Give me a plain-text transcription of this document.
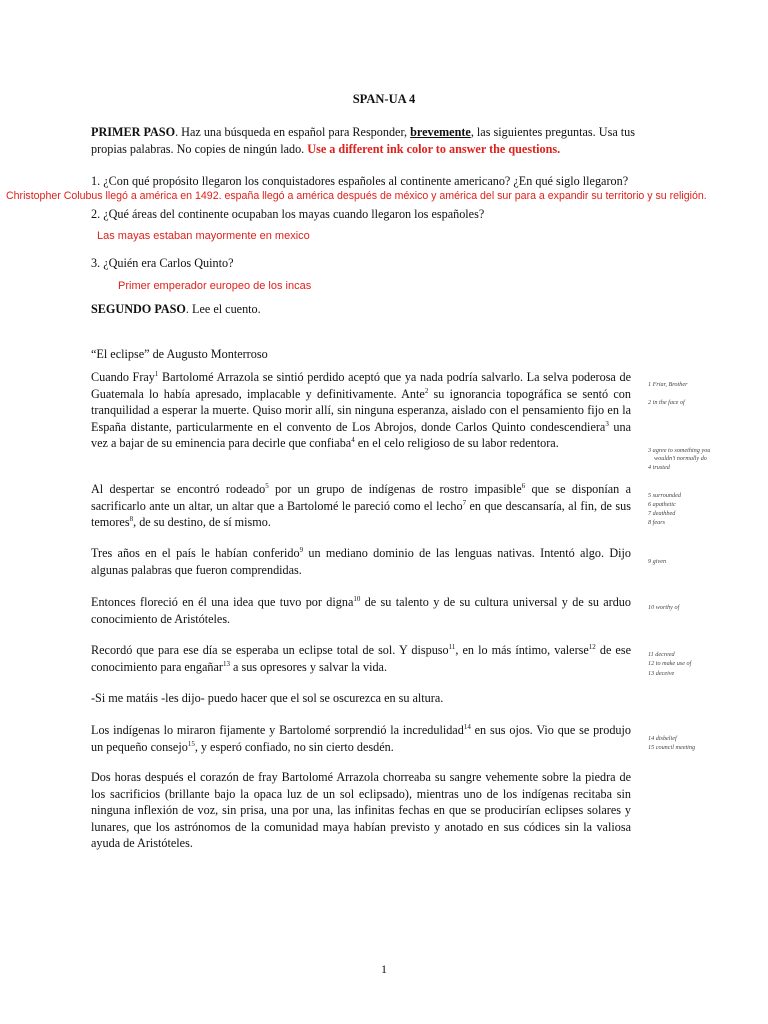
SPAN-UA 4
PRIMER PASO. Haz una búsqueda en español para Responder, brevemente, las siguientes preguntas. Usa tus propias palabras. No copies de ningún lado. Use a different ink color to answer the questions.
1. ¿Con qué propósito llegaron los conquistadores españoles al continente americano? ¿En qué siglo llegaron?
Christopher Colubus llegó a américa en 1492. españa llegó a américa después de méxico y américa del sur para a expandir su territorio y su religión.
2. ¿Qué áreas del continente ocupaban los mayas cuando llegaron los españoles?
Las mayas estaban mayormente en mexico
3. ¿Quién era Carlos Quinto?
Primer emperador europeo de los incas
SEGUNDO PASO. Lee el cuento.
“El eclipse” de Augusto Monterroso
Cuando Fray$^1$ Bartolomé Arrazola se sintió perdido aceptó que ya nada podría salvarlo. La selva poderosa de Guatemala lo había apresado, implacable y definitivamente. Ante$^2$ su ignorancia topográfica se sentó con tranquilidad a esperar la muerte. Quiso morir allí, sin ninguna esperanza, aislado con el pensamiento fijo en la España distante, particularmente en el convento de Los Abrojos, donde Carlos Quinto condescendiera$^3$ una vez a bajar de su eminencia para decirle que confiaba$^4$ en el celo religioso de su labor redentora.
Al despertar se encontró rodeado$^5$ por un grupo de indígenas de rostro impasible$^6$ que se disponían a sacrificarlo ante un altar, un altar que a Bartolomé le pareció como el lecho$^7$ en que descansaría, al fin, de sus temores$^8$, de su destino, de sí mismo.
Tres años en el país le habían conferido$^9$ un mediano dominio de las lenguas nativas. Intentó algo. Dijo algunas palabras que fueron comprendidas.
Entonces floreció en él una idea que tuvo por digna$^{10}$ de su talento y de su cultura universal y de su arduo conocimiento de Aristóteles.
Recordó que para ese día se esperaba un eclipse total de sol. Y dispuso$^{11}$, en lo más íntimo, valerse$^{12}$ de ese conocimiento para engañar$^{13}$ a sus opresores y salvar la vida.
-Si me matáis -les dijo- puedo hacer que el sol se oscurezca en su altura.
Los indígenas lo miraron fijamente y Bartolomé sorprendió la incredulidad$^{14}$ en sus ojos. Vio que se produjo un pequeño consejo$^{15}$, y esperó confiado, no sin cierto desdén.
Dos horas después el corazón de fray Bartolomé Arrazola chorreaba su sangre vehemente sobre la piedra de los sacrificios (brillante bajo la opaca luz de un sol eclipsado), mientras uno de los indígenas recitaba sin ninguna inflexión de voz, sin prisa, una por una, las infinitas fechas en que se producirían eclipses solares y lunares, que los astrónomos de la comunidad maya habían previsto y anotado en sus códices sin la valiosa ayuda de Aristóteles.
1 Friar, Brother
2 in the face of
3 agree to something you
wouldn't normally do
4 trusted
5 surrounded
6 apathetic
7 deathbed
8 fears
9 given
10 worthy of
11 decreed
12 to make use of
13 deceive
14 disbelief
15 council meeting
1
